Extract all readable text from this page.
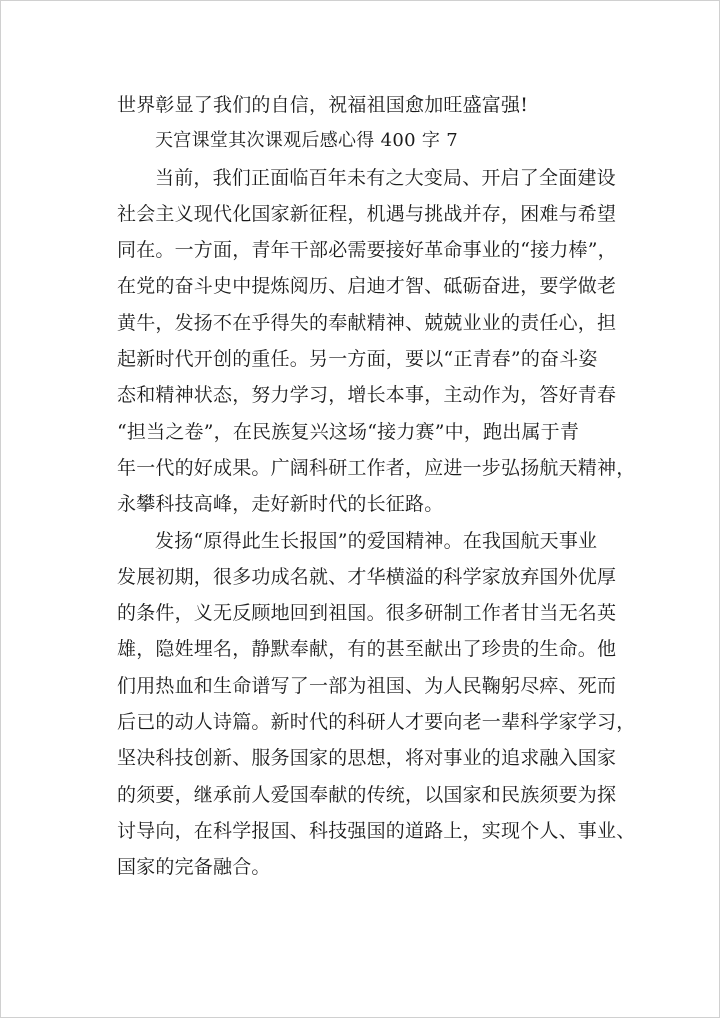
世界彰显了我们的自信，祝福祖国愈加旺盛富强!
天宫课堂其次课观后感心得 400 字 7
当前，我们正面临百年未有之大变局、开启了全面建设
社会主义现代化国家新征程，机遇与挑战并存，困难与希望
同在。一方面，青年干部必需要接好革命事业的“接力棒”，
在党的奋斗史中提炼阅历、启迪才智、砥砺奋进，要学做老
黄牛，发扬不在乎得失的奉献精神、兢兢业业的责任心，担
起新时代开创的重任。另一方面，要以“正青春”的奋斗姿
态和精神状态，努力学习，增长本事，主动作为，答好青春
“担当之卷”，在民族复兴这场“接力赛”中，跑出属于青
年一代的好成果。广阔科研工作者，应进一步弘扬航天精神，
永攀科技高峰，走好新时代的长征路。
发扬“原得此生长报国”的爱国精神。在我国航天事业
发展初期，很多功成名就、才华横溢的科学家放弃国外优厚
的条件，义无反顾地回到祖国。很多研制工作者甘当无名英
雄，隐姓埋名，静默奉献，有的甚至献出了珍贵的生命。他
们用热血和生命谱写了一部为祖国、为人民鞠躬尽瘁、死而
后已的动人诗篇。新时代的科研人才要向老一辈科学家学习，
坚决科技创新、服务国家的思想，将对事业的追求融入国家
的须要，继承前人爱国奉献的传统，以国家和民族须要为探
讨导向，在科学报国、科技强国的道路上，实现个人、事业、
国家的完备融合。
